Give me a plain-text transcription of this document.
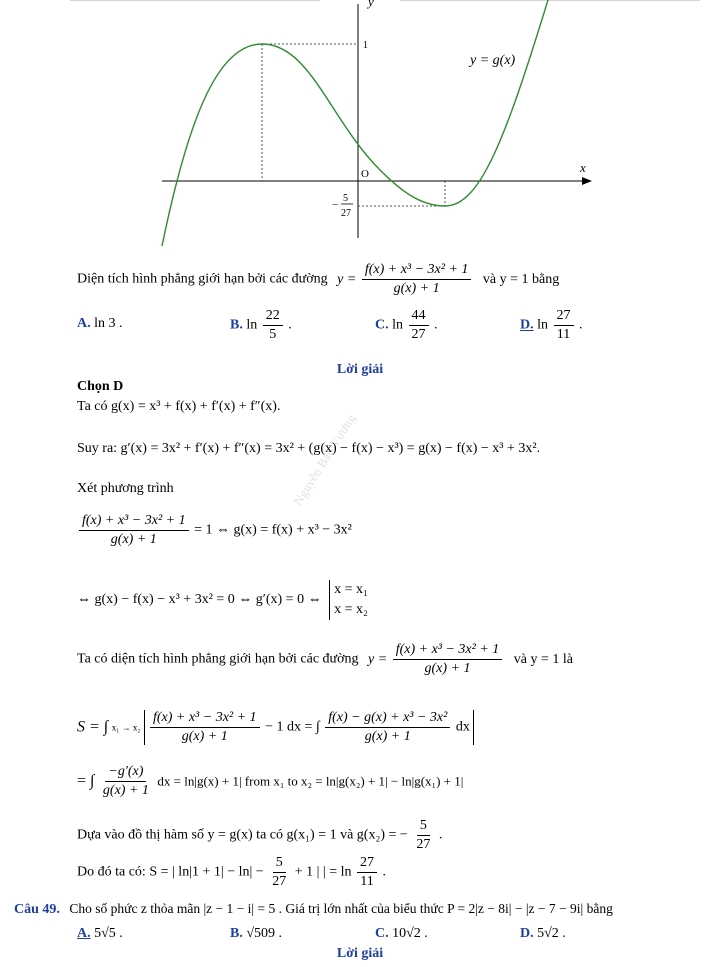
y
x
O
1
−
5
27
y = g(x)
Diện tích hình phẳng giới hạn bởi các đường $y = \frac{\text{f(x) + x³ − 3x² + 1}}{g(x) + 1}$ và y = 1 bằng
A. ln 3 .	B. $\ln \frac{22}{5}$ .	C. $\ln \frac{44}{27}$ .	D. $\ln \frac{27}{11}$ .
Lời giải
Chọn D
Ta có g(x) = x³ + f(x) + f′(x) + f″(x).
Suy ra: g′(x) = 3x² + f′(x) + f″(x) = 3x² + (g(x) − f(x) − x³) = g(x) − f(x) − x³ + 3x².
Xét phương trình
$\frac{\text{f(x) + x³ − 3x² + 1}}{g(x) + 1} = 1$ ⇔ g(x) = f(x) + x³ − 3x²
⇔ g(x) − f(x) − x³ + 3x² = 0 ⇔ g′(x) = 0 ⇔
x = x₁
x = x₂
Ta có diện tích hình phẳng giới hạn bởi các đường $y = \frac{\text{f(x) + x³ − 3x² + 1}}{g(x) + 1}$ và y = 1 là
S = ∫ $x_1 \to x_2 \frac{\text{f(x) + x³ − 3x² + 1}}{g(x) + 1} - 1$ dx = ∫ $\frac{\text{f(x) − g(x) + x³ − 3x²}}{g(x) + 1}$ dx
= ∫ $\frac{-g'(x)}{g(x) + 1}$ dx = ln|g(x) + 1| from x₁ to x₂ = ln|g(x₂) + 1| − ln|g(x₁) + 1|
Dựa vào đồ thị hàm số y = g(x) ta có g(x₁) = 1 và g(x₂) = − $\frac{5}{27}$ .
Do đó ta có: S = | $\ln|1 + 1| - \ln| - \frac{5}{27} + 1$ | | = $\ln \frac{27}{11}$ .
Câu 49. Cho số phức z thỏa mãn |z − 1 − i| = 5 . Giá trị lớn nhất của biểu thức P = 2|z − 8i| − |z − 7 − 9i| bằng
A. 5√5 .	B. √509 .	C. 10√2 .	D. 5√2 .
Lời giải
Nguyễn Bảo Vương
